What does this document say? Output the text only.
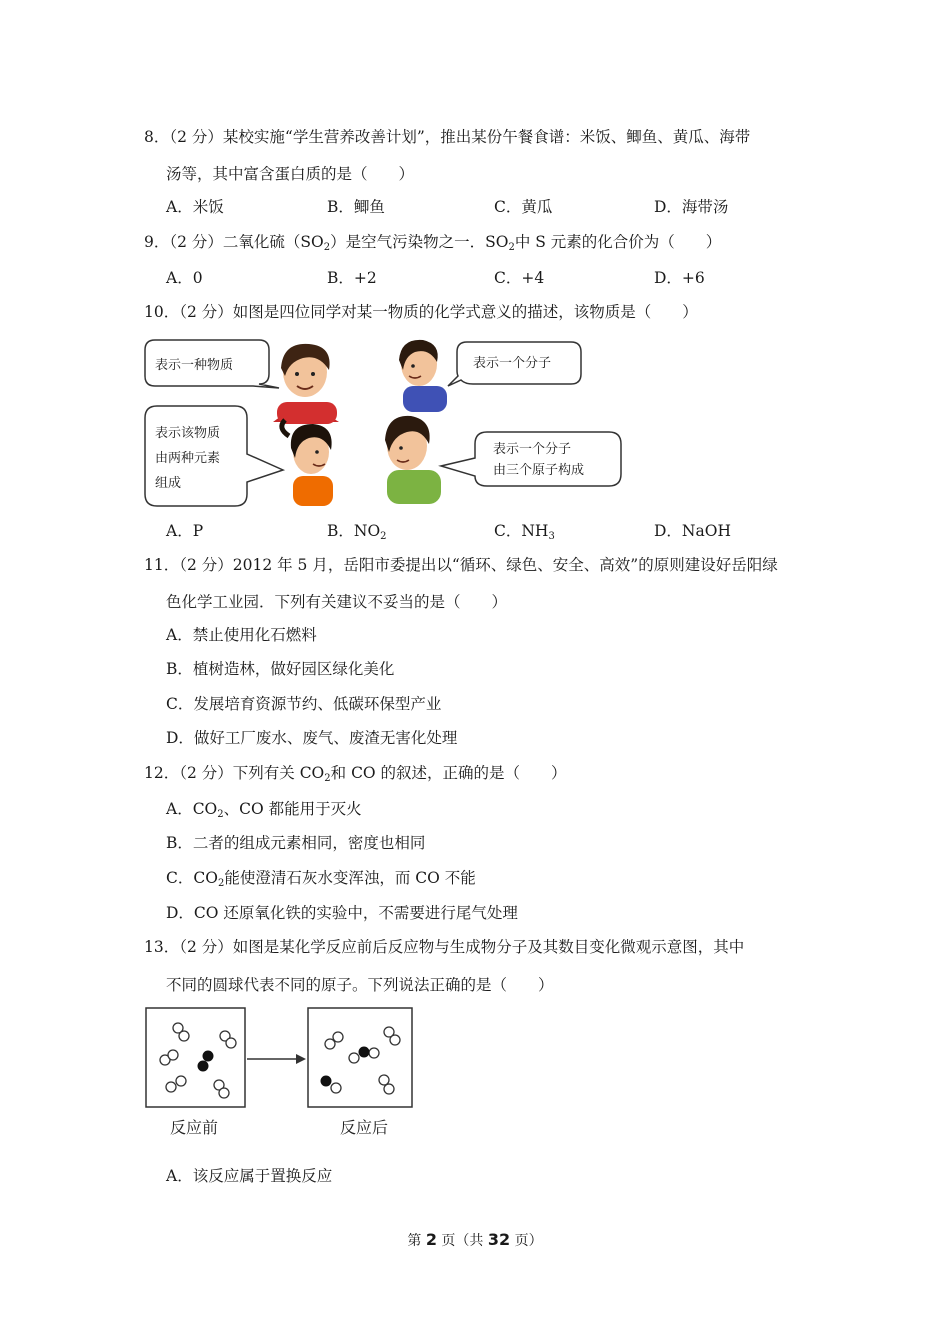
8．（2 分）某校实施“学生营养改善计划”，推出某份午餐食谱：米饭、鲫鱼、黄瓜、海带
汤等，其中富含蛋白质的是（　　）
A．米饭	B．鲫鱼	C．黄瓜	D．海带汤
9．（2 分）二氧化硫$(SO_2)$是空气污染物之一．$SO_2$中 S 元素的化合价为（　　）
A．0	B．+2	C．+4	D．+6
10．（2 分）如图是四位同学对某一物质的化学式意义的描述，该物质是（　　）
表示一种物质	表示一个分子
表示该物质
由两种元素
组成
表示一个分子
由三个原子构成
A．P	B．$NO_2$	C．$NH_3$	D．NaOH
11．（2 分）2012 年 5 月，岳阳市委提出以“循环、绿色、安全、高效”的原则建设好岳阳绿
色化学工业园．下列有关建议不妥当的是（　　）
A．禁止使用化石燃料
B．植树造林，做好园区绿化美化
C．发展培育资源节约、低碳环保型产业
D．做好工厂废水、废气、废渣无害化处理
12．（2 分）下列有关 $CO_2$和 CO 的叙述，正确的是（　　）
A．$CO_2$、CO 都能用于灭火
B．二者的组成元素相同，密度也相同
C．$CO_2$能使澄清石灰水变浑浊，而 CO 不能
D．CO 还原氧化铁的实验中，不需要进行尾气处理
13．（2 分）如图是某化学反应前后反应物与生成物分子及其数目变化微观示意图，其中
不同的圆球代表不同的原子。下列说法正确的是（　　）
反应前	反应后
A．该反应属于置换反应
第 2 页（共 32 页）
